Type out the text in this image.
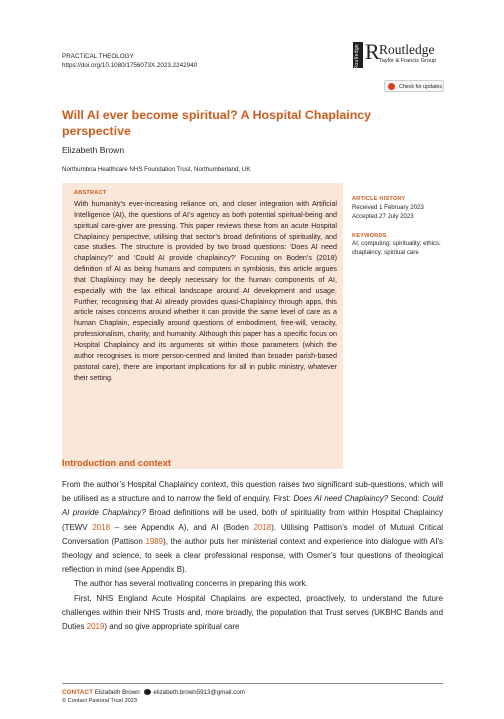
PRACTICAL THEOLOGY
https://doi.org/10.1080/1756073X.2023.2242940	Routledge R Routledge
Taylor & Francis Group
Check for updates
Will AI ever become spiritual? A Hospital Chaplaincy perspective
Elizabeth Brown
Northumbria Healthcare NHS Foundation Trust, Northumberland, UK
ABSTRACT
With humanity’s ever-increasing reliance on, and closer integration with Artificial Intelligence (AI), the questions of AI’s agency as both potential spiritual-being and spiritual care-giver are pressing. This paper reviews these from an acute Hospital Chaplaincy perspective, utilising that sector’s broad definitions of spirituality, and case studies. The structure is provided by two broad questions: ‘Does AI need chaplaincy?’ and ‘Could AI provide chaplaincy?’ Focusing on Boden’s (2018) definition of AI as being humans and computers in symbiosis, this article argues that Chaplaincy may be deeply necessary for the human components of AI, especially with the lax ethical landscape around AI development and usage. Further, recognising that AI already provides quasi-Chaplaincy through apps, this article raises concerns around whether it can provide the same level of care as a human Chaplain, especially around questions of embodiment, free-will, veracity, professionalism, charity, and humanity. Although this paper has a specific focus on Hospital Chaplaincy and its arguments sit within those parameters (which the author recognises is more person-centred and limited than broader parish-based pastoral care), there are important implications for all in public ministry, whatever their setting.
ARTICLE HISTORY
Received 1 February 2023
Accepted 27 July 2023
KEYWORDS
AI; computing; spirituality; ethics; chaplaincy; spiritual care
Introduction and context

From the author’s Hospital Chaplaincy context, this question raises two significant sub-questions, which will be utilised as a structure and to narrow the field of enquiry. First: Does AI need Chaplaincy? Second: Could AI provide Chaplaincy? Broad definitions will be used, both of spirituality from within Hospital Chaplaincy (TEWV 2018 – see Appendix A), and AI (Boden 2018). Utilising Pattison’s model of Mutual Critical Conversation (Pattison 1989), the author puts her ministerial context and experience into dialogue with AI’s theology and science, to seek a clear professional response, with Osmer’s four questions of theological reflection in mind (see Appendix B).

The author has several motivating concerns in preparing this work.

First, NHS England Acute Hospital Chaplains are expected, proactively, to understand the future challenges within their NHS Trusts and, more broadly, the population that Trust serves (UKBHC Bands and Duties 2019) and so give appropriate spiritual care

CONTACT Elizabeth Brown elizabeth.brown5913@gmail.com
© Contact Pastoral Trust 2023
